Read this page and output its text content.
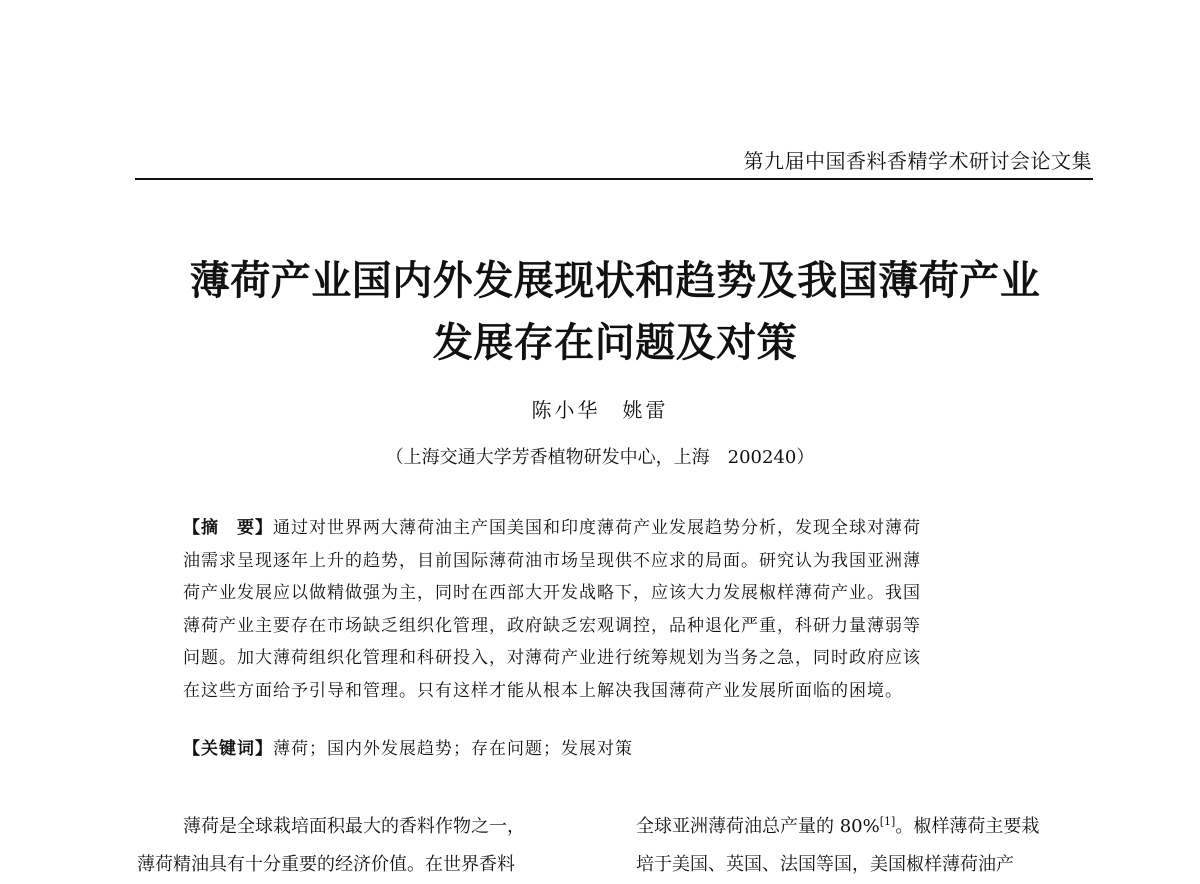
第九届中国香料香精学术研讨会论文集
薄荷产业国内外发展现状和趋势及我国薄荷产业
发展存在问题及对策
陈小华 姚雷
（上海交通大学芳香植物研发中心，上海　200240）
【摘　要】通过对世界两大薄荷油主产国美国和印度薄荷产业发展趋势分析，发现全球对薄荷
油需求呈现逐年上升的趋势，目前国际薄荷油市场呈现供不应求的局面。研究认为我国亚洲薄
荷产业发展应以做精做强为主，同时在西部大开发战略下，应该大力发展椒样薄荷产业。我国
薄荷产业主要存在市场缺乏组织化管理，政府缺乏宏观调控，品种退化严重，科研力量薄弱等
问题。加大薄荷组织化管理和科研投入，对薄荷产业进行统筹规划为当务之急，同时政府应该
在这些方面给予引导和管理。只有这样才能从根本上解决我国薄荷产业发展所面临的困境。
【关键词】薄荷；国内外发展趋势；存在问题；发展对策
薄荷是全球栽培面积最大的香料作物之一，
薄荷精油具有十分重要的经济价值。在世界香料
全球亚洲薄荷油总产量的 80%[1]。椒样薄荷主要栽
培于美国、英国、法国等国，美国椒样薄荷油产
